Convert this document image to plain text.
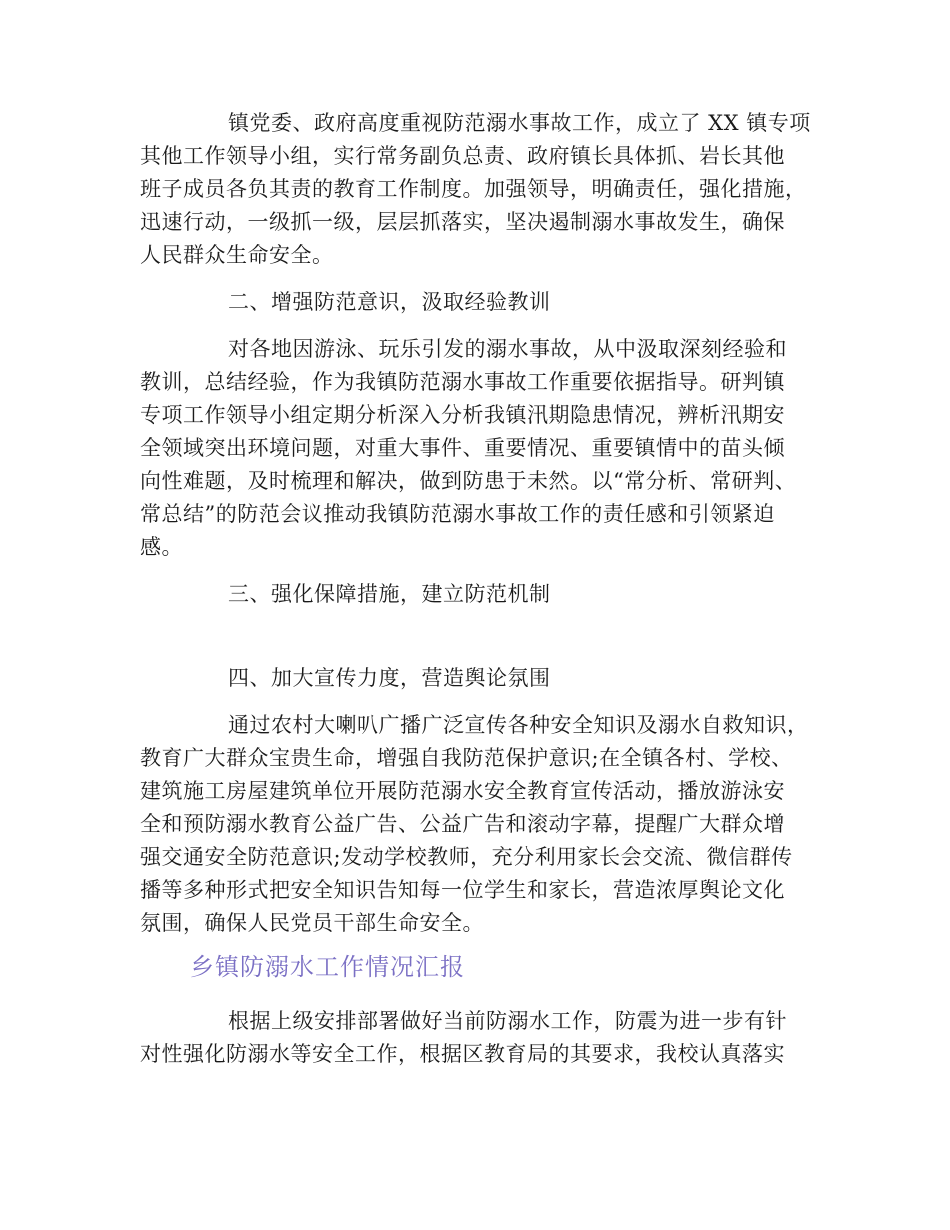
镇党委、政府高度重视防范溺水事故工作，成立了 XX 镇专项
其他工作领导小组，实行常务副负总责、政府镇长具体抓、岩长其他
班子成员各负其责的教育工作制度。加强领导，明确责任，强化措施，
迅速行动，一级抓一级，层层抓落实，坚决遏制溺水事故发生，确保
人民群众生命安全。
二、增强防范意识，汲取经验教训
对各地因游泳、玩乐引发的溺水事故，从中汲取深刻经验和
教训，总结经验，作为我镇防范溺水事故工作重要依据指导。研判镇
专项工作领导小组定期分析深入分析我镇汛期隐患情况，辨析汛期安
全领域突出环境问题，对重大事件、重要情况、重要镇情中的苗头倾
向性难题，及时梳理和解决，做到防患于未然。以“常分析、常研判、
常总结”的防范会议推动我镇防范溺水事故工作的责任感和引领紧迫
感。
三、强化保障措施，建立防范机制
四、加大宣传力度，营造舆论氛围
通过农村大喇叭广播广泛宣传各种安全知识及溺水自救知识，
教育广大群众宝贵生命，增强自我防范保护意识;在全镇各村、学校、
建筑施工房屋建筑单位开展防范溺水安全教育宣传活动，播放游泳安
全和预防溺水教育公益广告、公益广告和滚动字幕，提醒广大群众增
强交通安全防范意识;发动学校教师，充分利用家长会交流、微信群传
播等多种形式把安全知识告知每一位学生和家长，营造浓厚舆论文化
氛围，确保人民党员干部生命安全。
乡镇防溺水工作情况汇报
根据上级安排部署做好当前防溺水工作，防震为进一步有针
对性强化防溺水等安全工作，根据区教育局的其要求，我校认真落实
